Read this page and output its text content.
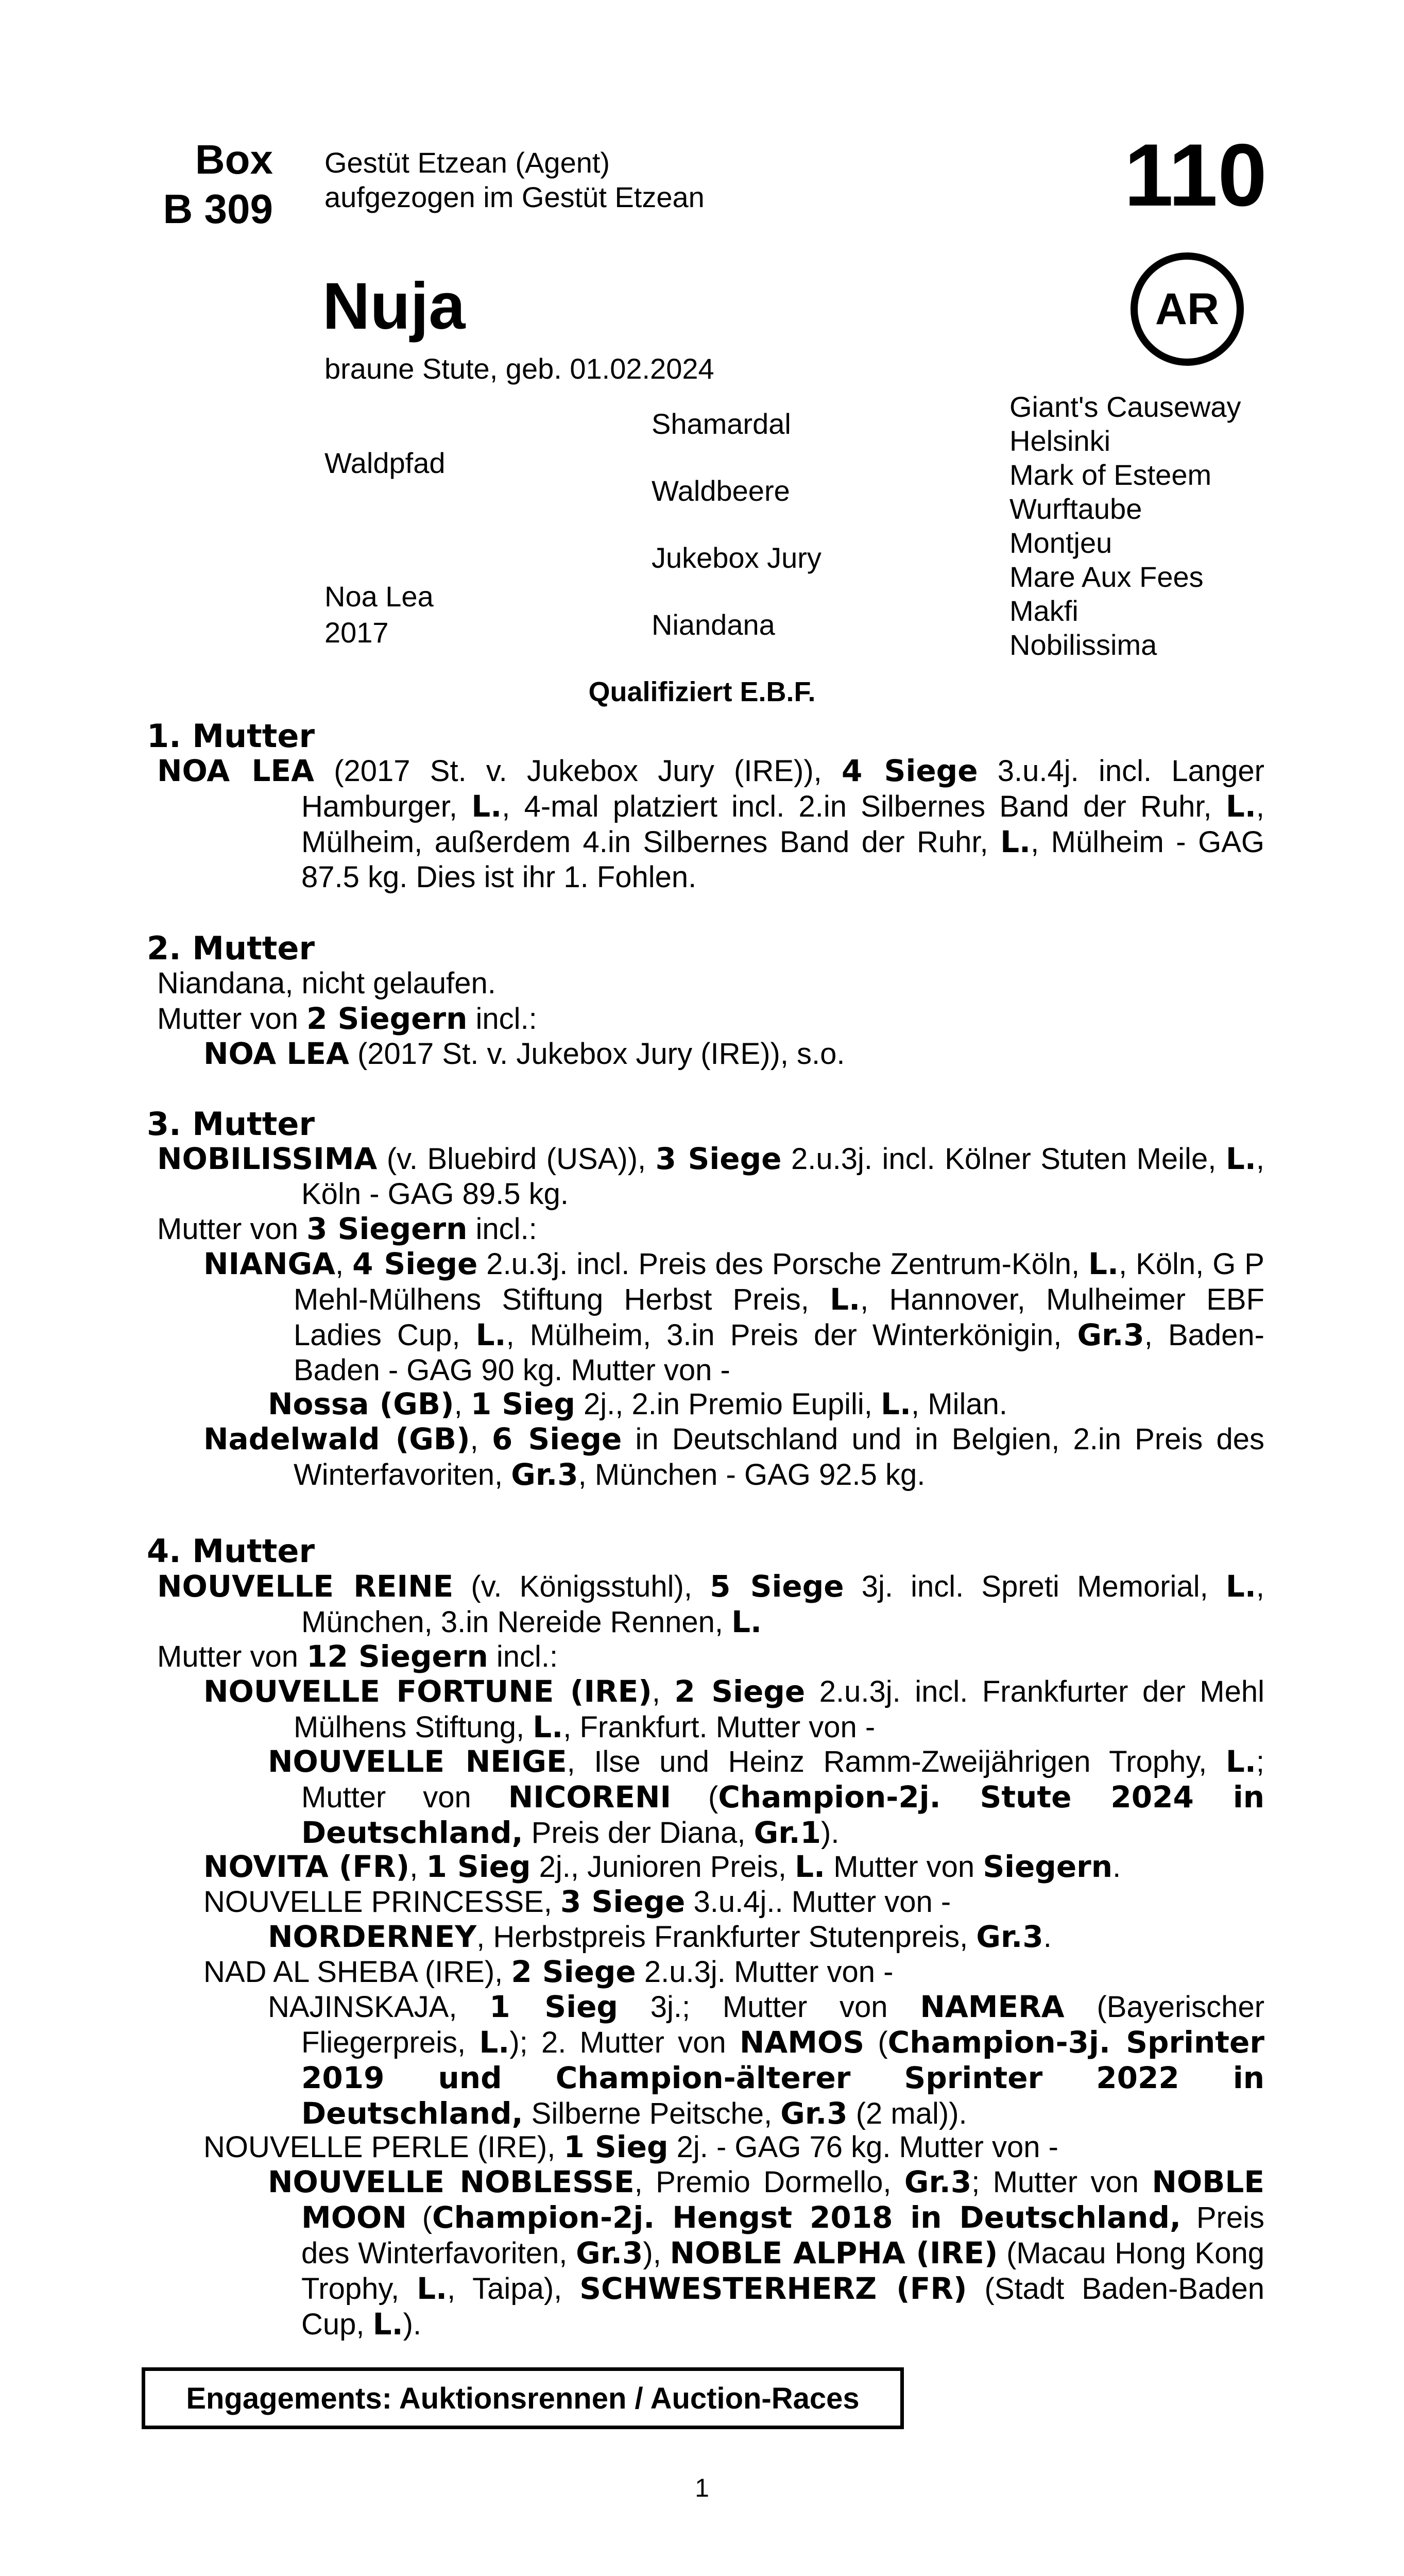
Box
B 309
Gestüt Etzean (Agent)
aufgezogen im Gestüt Etzean	110
Nuja	AR
braune Stute, geb. 01.02.2024
Waldpfad
Noa Lea
2017
Shamardal
Waldbeere
Jukebox Jury
Niandana
Giant's Causeway
Helsinki
Mark of Esteem
Wurftaube
Montjeu
Mare Aux Fees
Makfi
Nobilissima
Qualifiziert E.B.F.
1. Mutter
NOA LEA (2017 St. v. Jukebox Jury (IRE)), 4 Siege 3.u.4j. incl. Langer Hamburger, L., 4-mal platziert incl. 2.in Silbernes Band der Ruhr, L., Mülheim, außerdem 4.in Silbernes Band der Ruhr, L., Mülheim - GAG 87.5 kg. Dies ist ihr 1. Fohlen.
2. Mutter
Niandana, nicht gelaufen.
Mutter von 2 Siegern incl.:
NOA LEA (2017 St. v. Jukebox Jury (IRE)), s.o.
3. Mutter
NOBILISSIMA (v. Bluebird (USA)), 3 Siege 2.u.3j. incl. Kölner Stuten Meile, L., Köln - GAG 89.5 kg.
Mutter von 3 Siegern incl.:
NIANGA, 4 Siege 2.u.3j. incl. Preis des Porsche Zentrum-Köln, L., Köln, G P Mehl-Mülhens Stiftung Herbst Preis, L., Hannover, Mulheimer EBF Ladies Cup, L., Mülheim, 3.in Preis der Winterkönigin, Gr.3, Baden-Baden - GAG 90 kg. Mutter von -
Nossa (GB), 1 Sieg 2j., 2.in Premio Eupili, L., Milan.
Nadelwald (GB), 6 Siege in Deutschland und in Belgien, 2.in Preis des Winterfavoriten, Gr.3, München - GAG 92.5 kg.
4. Mutter
NOUVELLE REINE (v. Königsstuhl), 5 Siege 3j. incl. Spreti Memorial, L., München, 3.in Nereide Rennen, L.
Mutter von 12 Siegern incl.:
NOUVELLE FORTUNE (IRE), 2 Siege 2.u.3j. incl. Frankfurter der Mehl Mülhens Stiftung, L., Frankfurt. Mutter von -
NOUVELLE NEIGE, Ilse und Heinz Ramm-Zweijährigen Trophy, L.; Mutter von NICORENI (Champion-2j. Stute 2024 in Deutschland, Preis der Diana, Gr.1).
NOVITA (FR), 1 Sieg 2j., Junioren Preis, L. Mutter von Siegern.
NOUVELLE PRINCESSE, 3 Siege 3.u.4j.. Mutter von -
NORDERNEY, Herbstpreis Frankfurter Stutenpreis, Gr.3.
NAD AL SHEBA (IRE), 2 Siege 2.u.3j. Mutter von -
NAJINSKAJA, 1 Sieg 3j.; Mutter von NAMERA (Bayerischer Fliegerpreis, L.); 2. Mutter von NAMOS (Champion-3j. Sprinter 2019 und Champion-älterer Sprinter 2022 in Deutschland, Silberne Peitsche, Gr.3 (2 mal)).
NOUVELLE PERLE (IRE), 1 Sieg 2j. - GAG 76 kg. Mutter von -
NOUVELLE NOBLESSE, Premio Dormello, Gr.3; Mutter von NOBLE MOON (Champion-2j. Hengst 2018 in Deutschland, Preis des Winterfavoriten, Gr.3), NOBLE ALPHA (IRE) (Macau Hong Kong Trophy, L., Taipa), SCHWESTERHERZ (FR) (Stadt Baden-Baden Cup, L.).
Engagements: Auktionsrennen / Auction-Races
1
